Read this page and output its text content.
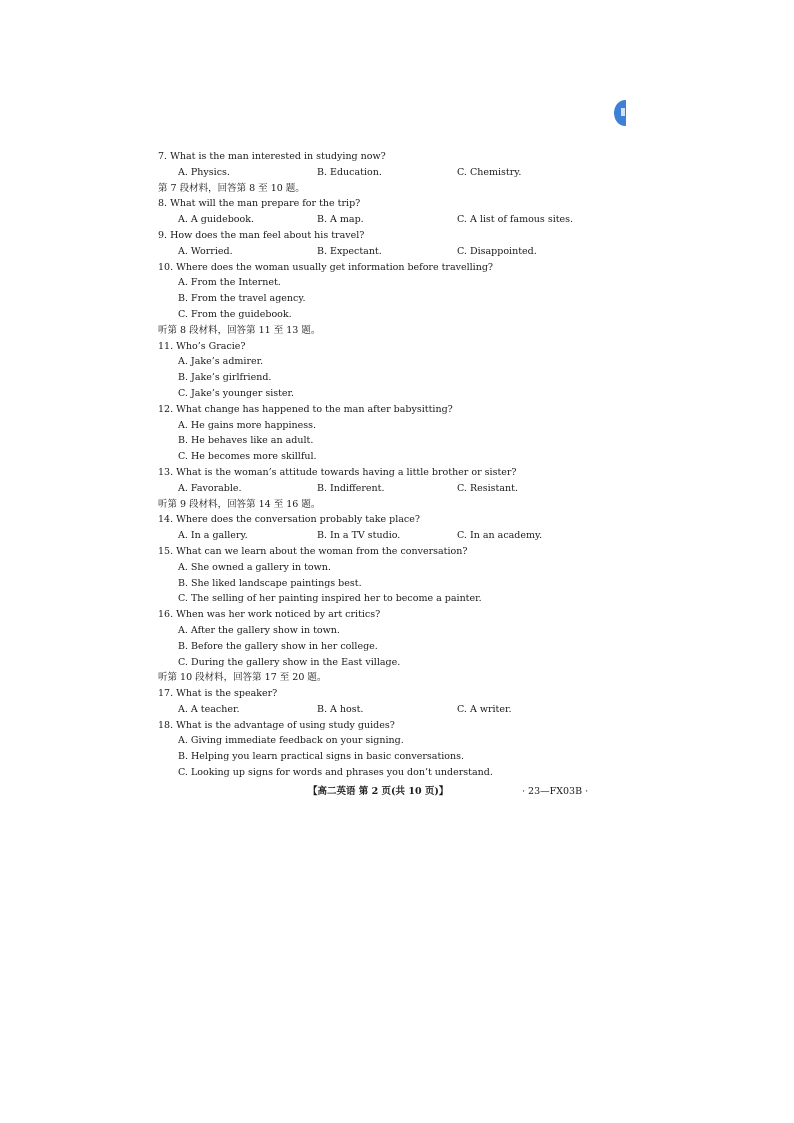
7. What is the man interested in studying now?
A. Physics.	B. Education.	C. Chemistry.
第 7 段材料，回答第 8 至 10 题。
8. What will the man prepare for the trip?
A. A guidebook.	B. A map.	C. A list of famous sites.
9. How does the man feel about his travel?
A. Worried.	B. Expectant.	C. Disappointed.
10. Where does the woman usually get information before travelling?
A. From the Internet.
B. From the travel agency.
C. From the guidebook.
听第 8 段材料，回答第 11 至 13 题。
11. Who’s Gracie?
A. Jake’s admirer.
B. Jake’s girlfriend.
C. Jake’s younger sister.
12. What change has happened to the man after babysitting?
A. He gains more happiness.
B. He behaves like an adult.
C. He becomes more skillful.
13. What is the woman’s attitude towards having a little brother or sister?
A. Favorable.	B. Indifferent.	C. Resistant.
听第 9 段材料，回答第 14 至 16 题。
14. Where does the conversation probably take place?
A. In a gallery.	B. In a TV studio.	C. In an academy.
15. What can we learn about the woman from the conversation?
A. She owned a gallery in town.
B. She liked landscape paintings best.
C. The selling of her painting inspired her to become a painter.
16. When was her work noticed by art critics?
A. After the gallery show in town.
B. Before the gallery show in her college.
C. During the gallery show in the East village.
听第 10 段材料，回答第 17 至 20 题。
17. What is the speaker?
A. A teacher.	B. A host.	C. A writer.
18. What is the advantage of using study guides?
A. Giving immediate feedback on your signing.
B. Helping you learn practical signs in basic conversations.
C. Looking up signs for words and phrases you don’t understand.
【高二英语 第 2 页(共 10 页)】	· 23—FX03B ·
